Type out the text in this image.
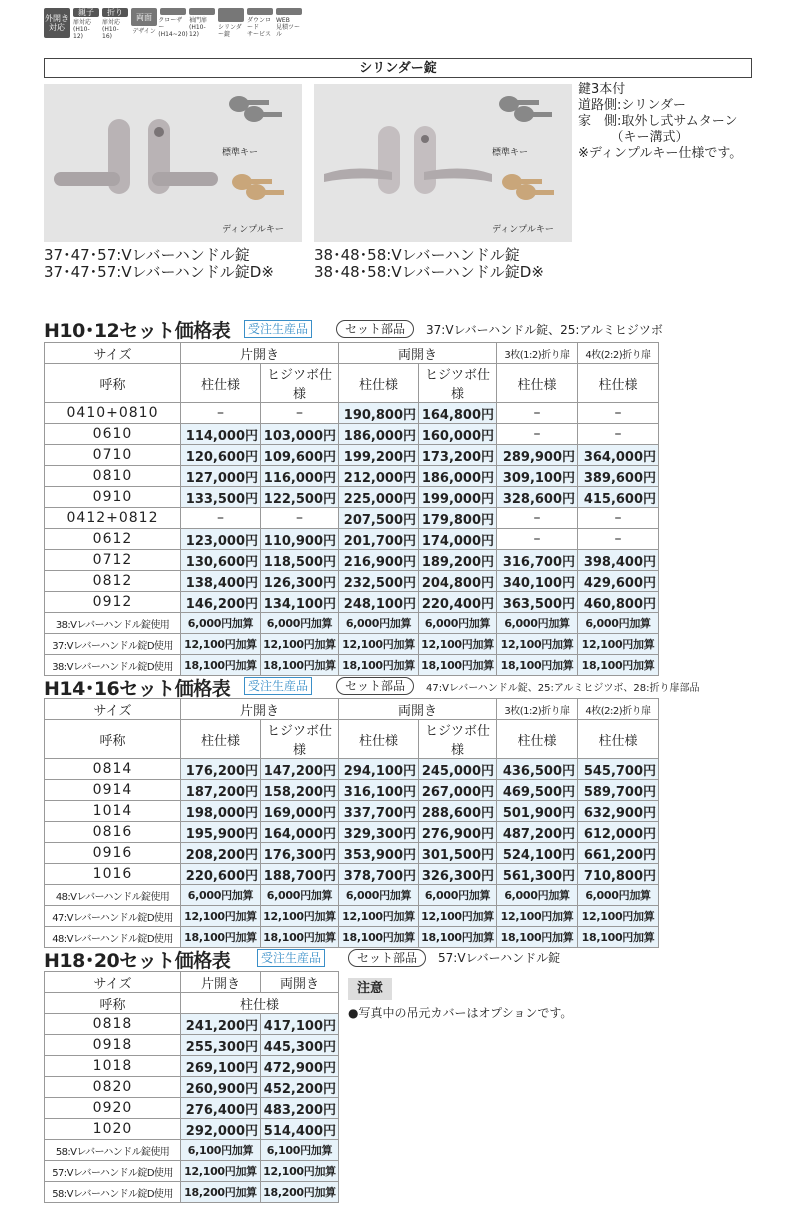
外開き
対応
親子
扉対応
(H10-12)
折り
扉対応
(H10-16)
両面
デザイン
クローザー
(H14~20)
袖門扉
(H10-12)
シリンダー錠
ダウンロード
サービス
WEB
見積ツール
シリンダー錠
標準キー
ディンプルキー
標準キー
ディンプルキー
37･47･57:Vレバーハンドル錠
37･47･57:Vレバーハンドル錠D※
38･48･58:Vレバーハンドル錠
38･48･58:Vレバーハンドル錠D※
鍵3本付
道路側:シリンダー
家　側:取外し式サムターン
　　　（キー溝式）
※ディンプルキー仕様です。
H10･12セット価格表	受注生産品	セット部品	37:Vレバーハンドル錠、25:アルミヒジツボ
サイズ	片開き		両開き		3枚(1:2)折り扉	4枚(2:2)折り扉
呼称	柱仕様	ヒジツボ仕様	柱仕様	ヒジツボ仕様	柱仕様	柱仕様
0410+0810	–	–	190,800円	164,800円	–	–
0610	114,000円	103,000円	186,000円	160,000円	–	–
0710	120,600円	109,600円	199,200円	173,200円	289,900円	364,000円
0810	127,000円	116,000円	212,000円	186,000円	309,100円	389,600円
0910	133,500円	122,500円	225,000円	199,000円	328,600円	415,600円
0412+0812	–	–	207,500円	179,800円	–	–
0612	123,000円	110,900円	201,700円	174,000円	–	–
0712	130,600円	118,500円	216,900円	189,200円	316,700円	398,400円
0812	138,400円	126,300円	232,500円	204,800円	340,100円	429,600円
0912	146,200円	134,100円	248,100円	220,400円	363,500円	460,800円
38:Vレバーハンドル錠使用	6,000円加算	6,000円加算	6,000円加算	6,000円加算	6,000円加算	6,000円加算
37:Vレバーハンドル錠D使用	12,100円加算	12,100円加算	12,100円加算	12,100円加算	12,100円加算	12,100円加算
38:Vレバーハンドル錠D使用	18,100円加算	18,100円加算	18,100円加算	18,100円加算	18,100円加算	18,100円加算
H14･16セット価格表	受注生産品	セット部品	47:Vレバーハンドル錠、25:アルミヒジツボ、28:折り扉部品
サイズ	片開き		両開き		3枚(1:2)折り扉	4枚(2:2)折り扉
呼称	柱仕様	ヒジツボ仕様	柱仕様	ヒジツボ仕様	柱仕様	柱仕様
0814	176,200円	147,200円	294,100円	245,000円	436,500円	545,700円
0914	187,200円	158,200円	316,100円	267,000円	469,500円	589,700円
1014	198,000円	169,000円	337,700円	288,600円	501,900円	632,900円
0816	195,900円	164,000円	329,300円	276,900円	487,200円	612,000円
0916	208,200円	176,300円	353,900円	301,500円	524,100円	661,200円
1016	220,600円	188,700円	378,700円	326,300円	561,300円	710,800円
48:Vレバーハンドル錠使用	6,000円加算	6,000円加算	6,000円加算	6,000円加算	6,000円加算	6,000円加算
47:Vレバーハンドル錠D使用	12,100円加算	12,100円加算	12,100円加算	12,100円加算	12,100円加算	12,100円加算
48:Vレバーハンドル錠D使用	18,100円加算	18,100円加算	18,100円加算	18,100円加算	18,100円加算	18,100円加算
H18･20セット価格表	受注生産品	セット部品	57:Vレバーハンドル錠
サイズ	片開き	両開き
呼称	柱仕様	
0818	241,200円	417,100円
0918	255,300円	445,300円
1018	269,100円	472,900円
0820	260,900円	452,200円
0920	276,400円	483,200円
1020	292,000円	514,400円
58:Vレバーハンドル錠使用	6,100円加算	6,100円加算
57:Vレバーハンドル錠D使用	12,100円加算	12,100円加算
58:Vレバーハンドル錠D使用	18,200円加算	18,200円加算
注意
●写真中の吊元カバーはオプションです。
